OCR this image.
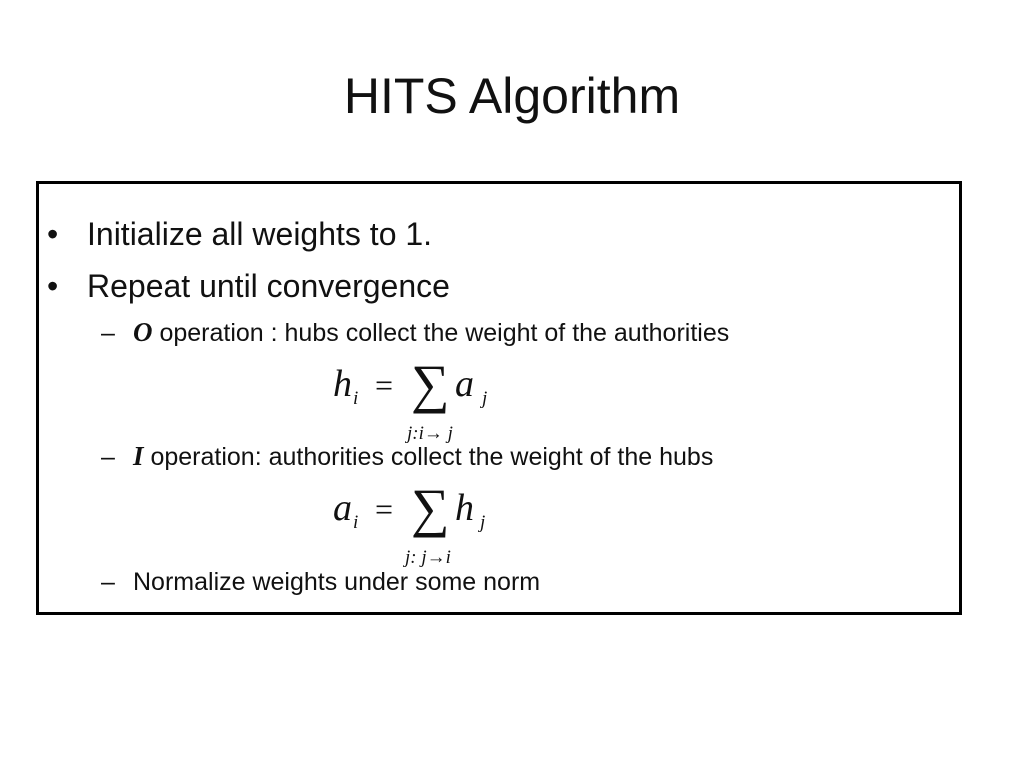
HITS Algorithm
• Initialize all weights to 1.
• Repeat until convergence
– O operation : hubs collect the weight of the authorities
h i = ∑ a j
j:i→ j
– I operation: authorities collect the weight of the hubs
a i = ∑ h j
j: j→i
– Normalize weights under some norm
